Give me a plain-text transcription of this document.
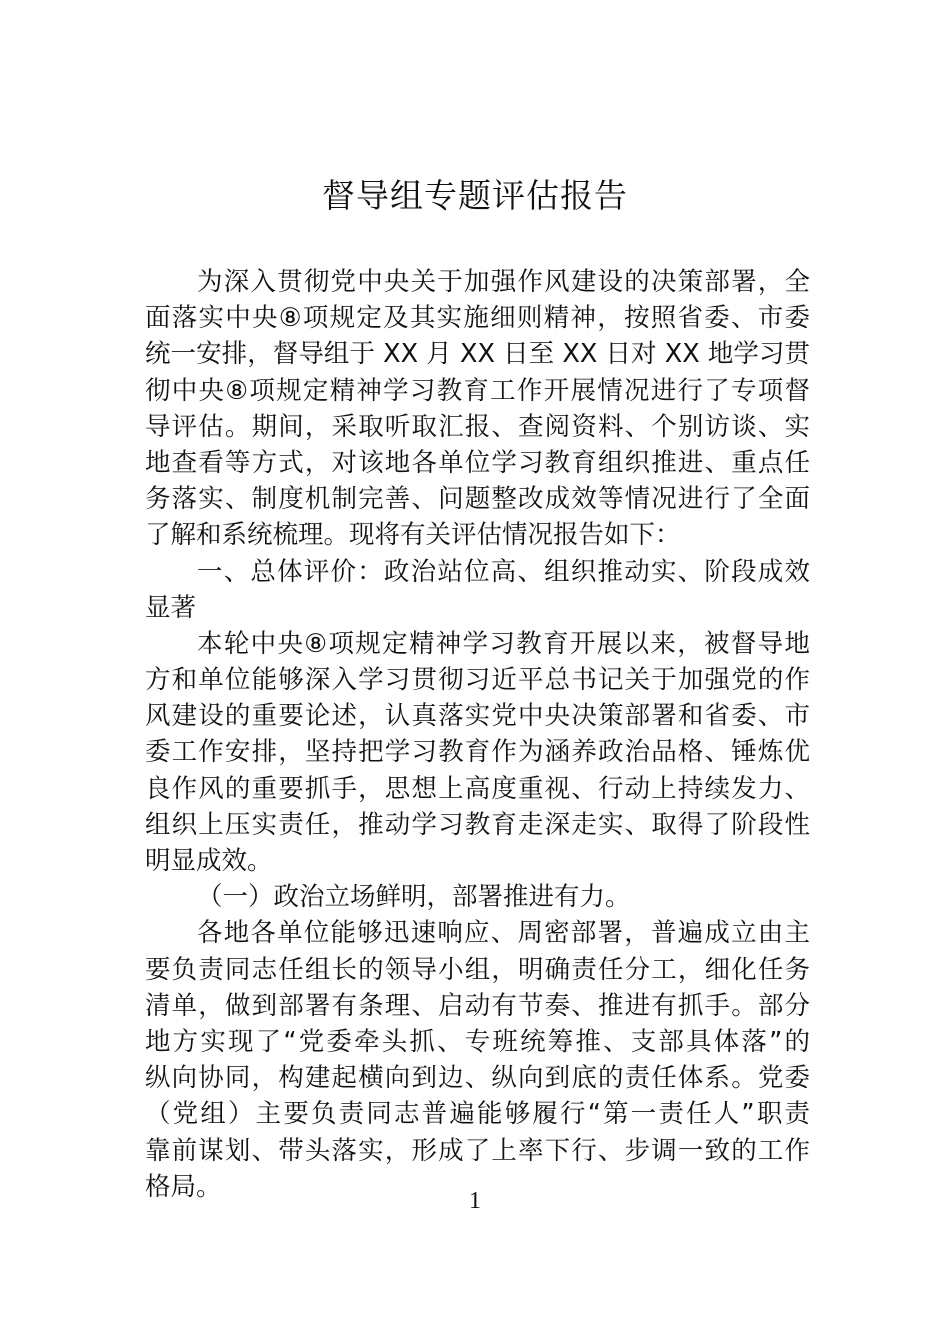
督导组专题评估报告
为深入贯彻党中央关于加强作风建设的决策部署，全
面落实中央⑧项规定及其实施细则精神，按照省委、市委
统一安排，督导组于 XX 月 XX 日至 XX 日对 XX 地学习贯
彻中央⑧项规定精神学习教育工作开展情况进行了专项督
导评估。期间，采取听取汇报、查阅资料、个别访谈、实
地查看等方式，对该地各单位学习教育组织推进、重点任
务落实、制度机制完善、问题整改成效等情况进行了全面
了解和系统梳理。现将有关评估情况报告如下：
一、总体评价：政治站位高、组织推动实、阶段成效
显著
本轮中央⑧项规定精神学习教育开展以来，被督导地
方和单位能够深入学习贯彻习近平总书记关于加强党的作
风建设的重要论述，认真落实党中央决策部署和省委、市
委工作安排，坚持把学习教育作为涵养政治品格、锤炼优
良作风的重要抓手，思想上高度重视、行动上持续发力、
组织上压实责任，推动学习教育走深走实、取得了阶段性
明显成效。
（一）政治立场鲜明，部署推进有力。
各地各单位能够迅速响应、周密部署，普遍成立由主
要负责同志任组长的领导小组，明确责任分工，细化任务
清单，做到部署有条理、启动有节奏、推进有抓手。部分
地方实现了“党委牵头抓、专班统筹推、支部具体落”的
纵向协同，构建起横向到边、纵向到底的责任体系。党委
（党组）主要负责同志普遍能够履行“第一责任人”职责
靠前谋划、带头落实，形成了上率下行、步调一致的工作
格局。	1
